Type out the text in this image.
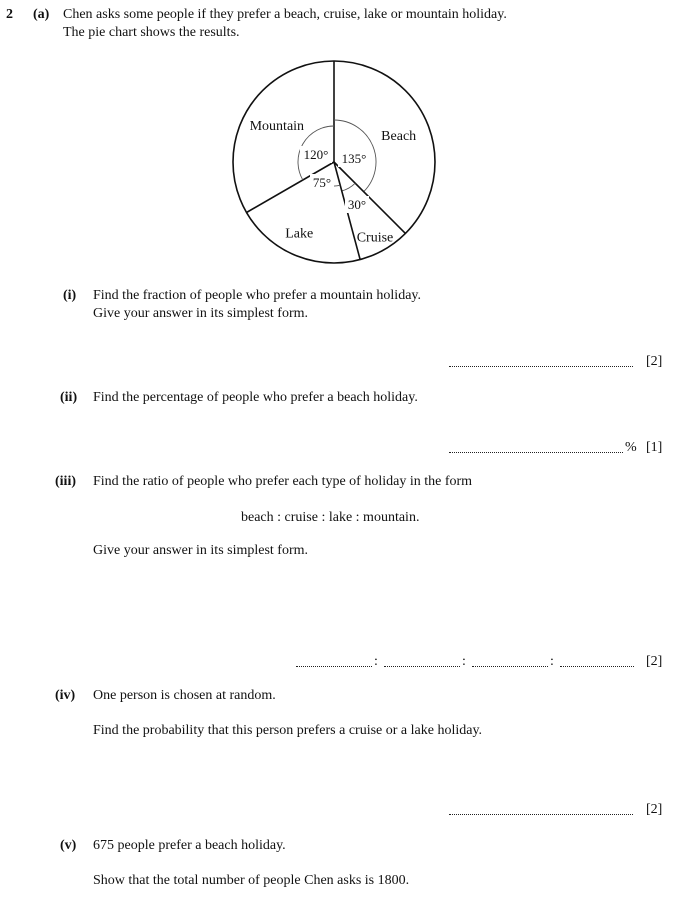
2 (a) Chen asks some people if they prefer a beach, cruise, lake or mountain holiday.
The pie chart shows the results.
Beach
Cruise
Lake
Mountain
135°
30°
75°
120°
(i) Find the fraction of people who prefer a mountain holiday.
Give your answer in its simplest form.
[2]
(ii) Find the percentage of people who prefer a beach holiday.
% [1]
(iii) Find the ratio of people who prefer each type of holiday in the form
beach : cruise : lake : mountain.
Give your answer in its simplest form.
:	:	:	[2]
(iv) One person is chosen at random.
Find the probability that this person prefers a cruise or a lake holiday.
[2]
(v) 675 people prefer a beach holiday.
Show that the total number of people Chen asks is 1800.
